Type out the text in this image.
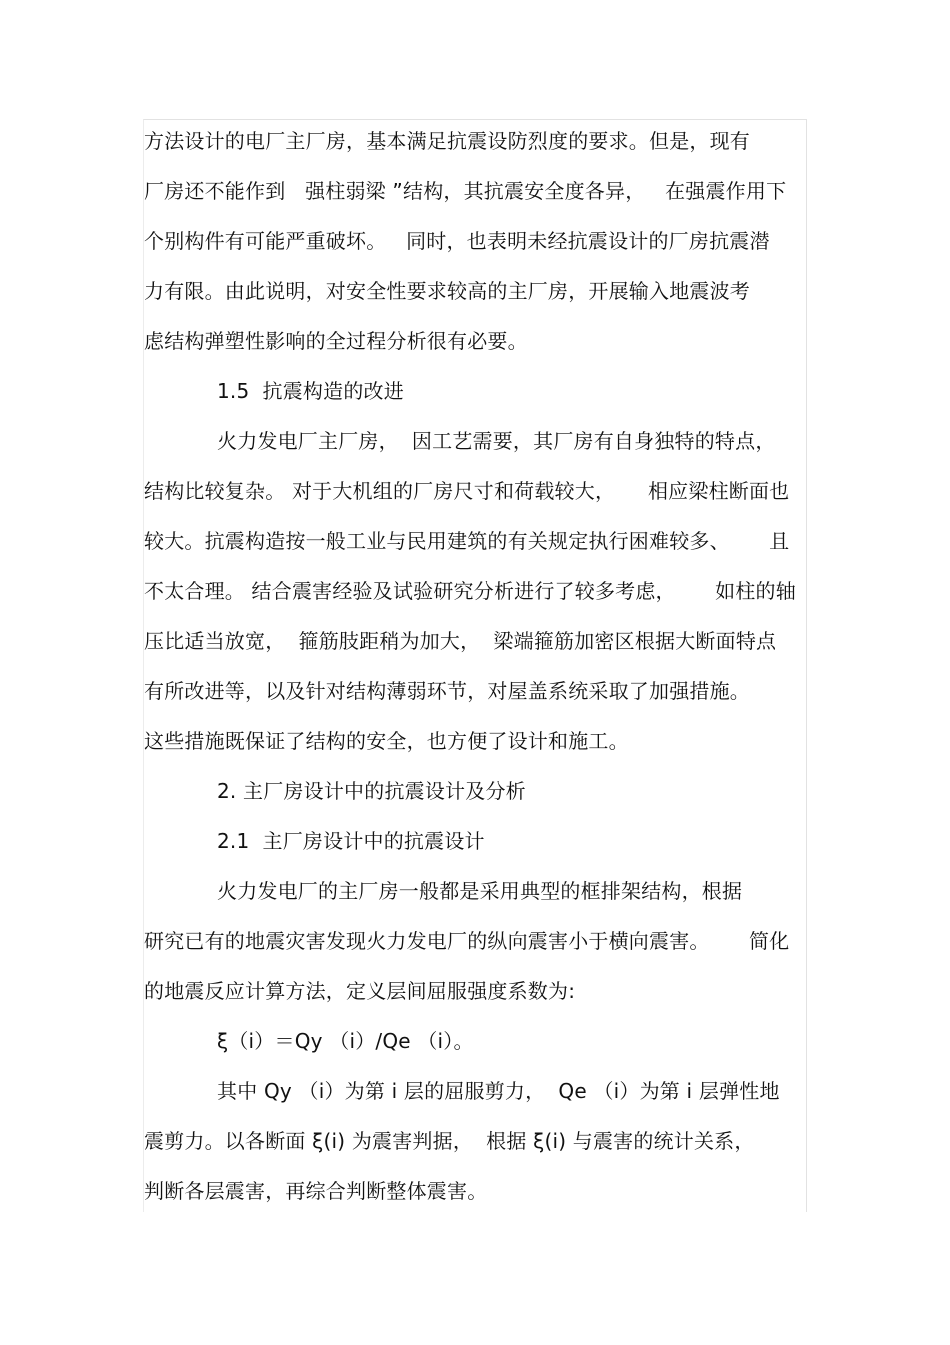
方法设计的电厂主厂房，基本满足抗震设防烈度的要求。但是，现有
厂房还不能作到   强柱弱梁 ”结构，其抗震安全度各异，   在强震作用下
个别构件有可能严重破坏。   同时，也表明未经抗震设计的厂房抗震潜
力有限。由此说明，对安全性要求较高的主厂房，开展输入地震波考
虑结构弹塑性影响的全过程分析很有必要。
1.5  抗震构造的改进
火力发电厂主厂房，  因工艺需要，其厂房有自身独特的特点，
结构比较复杂。 对于大机组的厂房尺寸和荷载较大，     相应梁柱断面也
较大。抗震构造按一般工业与民用建筑的有关规定执行困难较多、      且
不太合理。 结合震害经验及试验研究分析进行了较多考虑，      如柱的轴
压比适当放宽，  箍筋肢距稍为加大，  梁端箍筋加密区根据大断面特点
有所改进等，以及针对结构薄弱环节，对屋盖系统采取了加强措施。
这些措施既保证了结构的安全，也方便了设计和施工。
2. 主厂房设计中的抗震设计及分析
2.1  主厂房设计中的抗震设计
火力发电厂的主厂房一般都是采用典型的框排架结构，根据
研究已有的地震灾害发现火力发电厂的纵向震害小于横向震害。      简化
的地震反应计算方法，定义层间屈服强度系数为:
ξ（i）＝Qy （i）/Qe （i）。
其中 Qy （i）为第 i 层的屈服剪力，  Qe （i）为第 i 层弹性地
震剪力。以各断面 ξ(i) 为震害判据，  根据 ξ(i) 与震害的统计关系，
判断各层震害，再综合判断整体震害。
